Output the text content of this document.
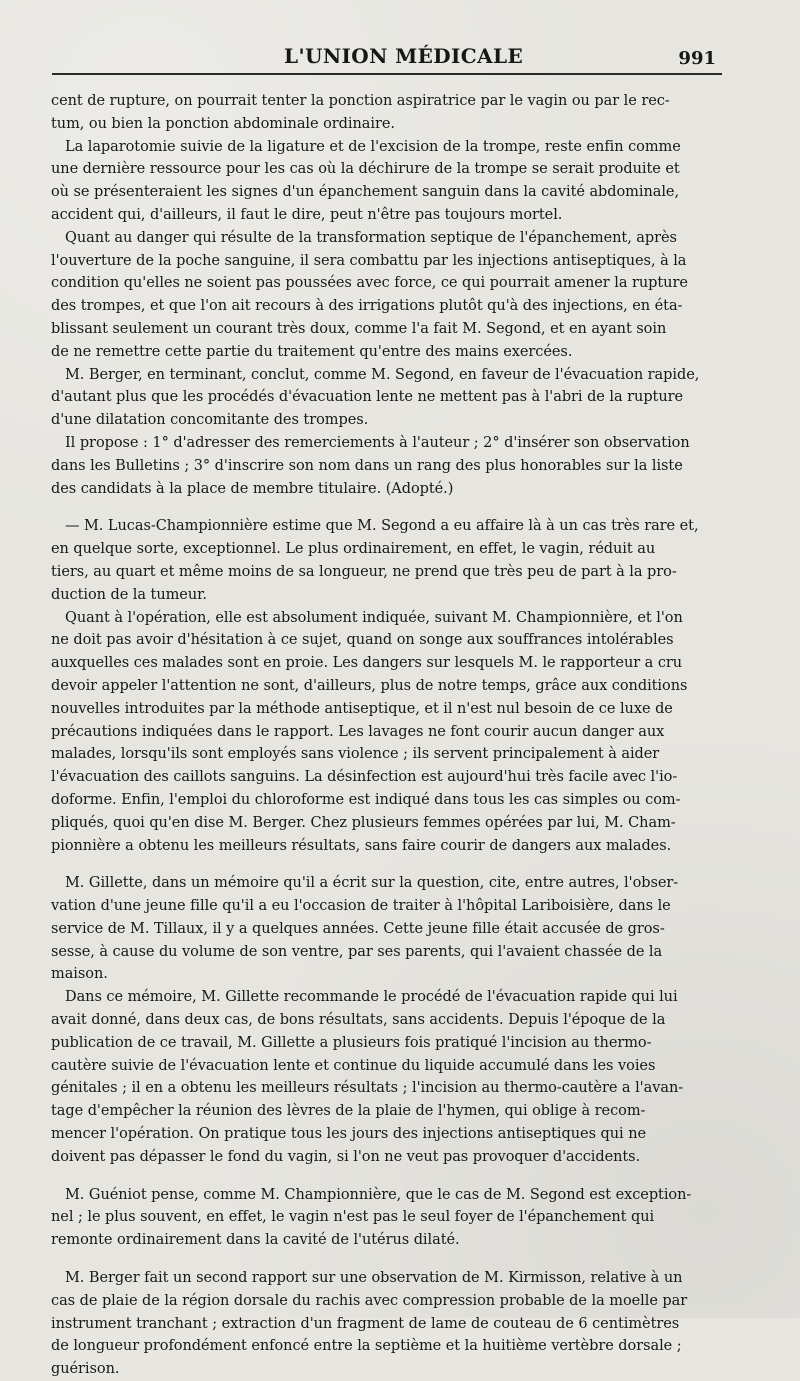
L'UNION MÉDICALE	991

cent de rupture, on pourrait tenter la ponction aspiratrice par le vagin ou par le rec-
tum, ou bien la ponction abdominale ordinaire.

La laparotomie suivie de la ligature et de l'excision de la trompe, reste enfin comme
une dernière ressource pour les cas où la déchirure de la trompe se serait produite et
où se présenteraient les signes d'un épanchement sanguin dans la cavité abdominale,
accident qui, d'ailleurs, il faut le dire, peut n'être pas toujours mortel.

Quant au danger qui résulte de la transformation septique de l'épanchement, après
l'ouverture de la poche sanguine, il sera combattu par les injections antiseptiques, à la
condition qu'elles ne soient pas poussées avec force, ce qui pourrait amener la rupture
des trompes, et que l'on ait recours à des irrigations plutôt qu'à des injections, en éta-
blissant seulement un courant très doux, comme l'a fait M. Segond, et en ayant soin
de ne remettre cette partie du traitement qu'entre des mains exercées.

M. Berger, en terminant, conclut, comme M. Segond, en faveur de l'évacuation rapide,
d'autant plus que les procédés d'évacuation lente ne mettent pas à l'abri de la rupture
d'une dilatation concomitante des trompes.

Il propose : 1° d'adresser des remerciements à l'auteur ; 2° d'insérer son observation
dans les Bulletins ; 3° d'inscrire son nom dans un rang des plus honorables sur la liste
des candidats à la place de membre titulaire. (Adopté.)

— M. Lucas-Championnière estime que M. Segond a eu affaire là à un cas très rare et,
en quelque sorte, exceptionnel. Le plus ordinairement, en effet, le vagin, réduit au
tiers, au quart et même moins de sa longueur, ne prend que très peu de part à la pro-
duction de la tumeur.

Quant à l'opération, elle est absolument indiquée, suivant M. Championnière, et l'on
ne doit pas avoir d'hésitation à ce sujet, quand on songe aux souffrances intolérables
auxquelles ces malades sont en proie. Les dangers sur lesquels M. le rapporteur a cru
devoir appeler l'attention ne sont, d'ailleurs, plus de notre temps, grâce aux conditions
nouvelles introduites par la méthode antiseptique, et il n'est nul besoin de ce luxe de
précautions indiquées dans le rapport. Les lavages ne font courir aucun danger aux
malades, lorsqu'ils sont employés sans violence ; ils servent principalement à aider
l'évacuation des caillots sanguins. La désinfection est aujourd'hui très facile avec l'io-
doforme. Enfin, l'emploi du chloroforme est indiqué dans tous les cas simples ou com-
pliqués, quoi qu'en dise M. Berger. Chez plusieurs femmes opérées par lui, M. Cham-
pionnière a obtenu les meilleurs résultats, sans faire courir de dangers aux malades.

M. Gillette, dans un mémoire qu'il a écrit sur la question, cite, entre autres, l'obser-
vation d'une jeune fille qu'il a eu l'occasion de traiter à l'hôpital Lariboisière, dans le
service de M. Tillaux, il y a quelques années. Cette jeune fille était accusée de gros-
sesse, à cause du volume de son ventre, par ses parents, qui l'avaient chassée de la
maison.

Dans ce mémoire, M. Gillette recommande le procédé de l'évacuation rapide qui lui
avait donné, dans deux cas, de bons résultats, sans accidents. Depuis l'époque de la
publication de ce travail, M. Gillette a plusieurs fois pratiqué l'incision au thermo-
cautère suivie de l'évacuation lente et continue du liquide accumulé dans les voies
génitales ; il en a obtenu les meilleurs résultats ; l'incision au thermo-cautère a l'avan-
tage d'empêcher la réunion des lèvres de la plaie de l'hymen, qui oblige à recom-
mencer l'opération. On pratique tous les jours des injections antiseptiques qui ne
doivent pas dépasser le fond du vagin, si l'on ne veut pas provoquer d'accidents.

M. Guéniot pense, comme M. Championnière, que le cas de M. Segond est exception-
nel ; le plus souvent, en effet, le vagin n'est pas le seul foyer de l'épanchement qui
remonte ordinairement dans la cavité de l'utérus dilaté.

M. Berger fait un second rapport sur une observation de M. Kirmisson, relative à un
cas de plaie de la région dorsale du rachis avec compression probable de la moelle par
instrument tranchant ; extraction d'un fragment de lame de couteau de 6 centimètres
de longueur profondément enfoncé entre la septième et la huitième vertèbre dorsale ;
guérison.
